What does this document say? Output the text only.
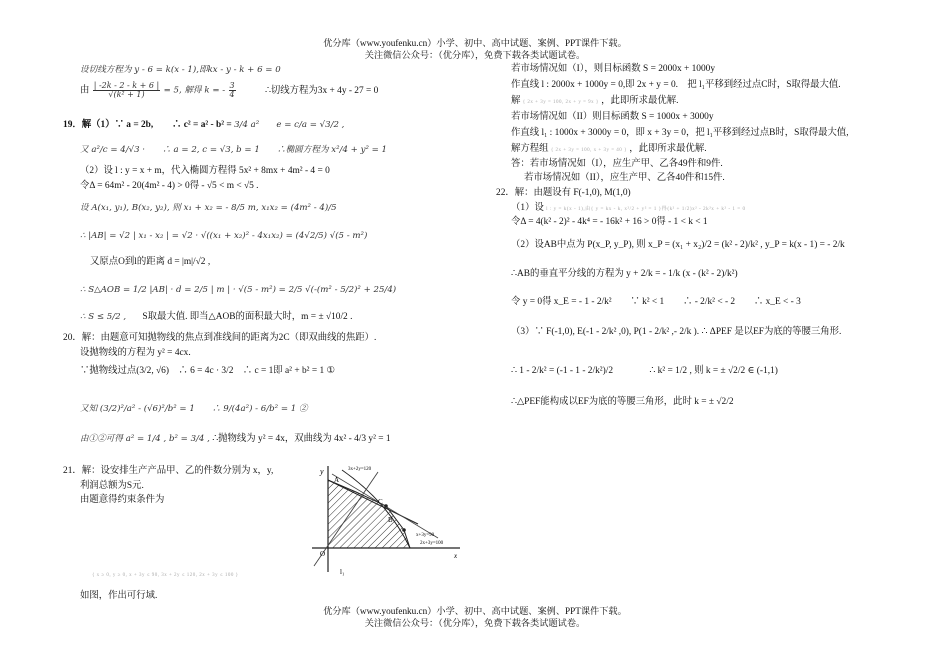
优分库（www.youfenku.cn）小学、初中、高中试题、案例、PPT课件下载。
关注微信公众号：（优分库），免费下载各类试题试卷。
设切线方程为 y - 6 = k(x - 1),即kx - y - k + 6 = 0
由 $\frac{| -2k - 2 - k + 6 |}{\text{√(k² + 1)}} = 5$, 解得 k = - $\frac{3}{4}$	∴切线方程为3x + 4y - 27 = 0
19．解（1）∵ a = 2b,　　∴ c² = a² - b² = 3/4 a²　　e = c/a = √3/2 ,
又 a²/c = 4/√3 ·　　∴ a = 2, c = √3, b = 1　　∴椭圆方程为 x²/4 + y² = 1
（2）设 l : y = x + m，代入椭圆方程得 5x² + 8mx + 4m² - 4 = 0
令Δ = 64m² - 20(4m² - 4) > 0得 - √5 < m < √5 .
设 A(x₁, y₁), B(x₂, y₂), 则 x₁ + x₂ = - 8/5 m, x₁x₂ = (4m² - 4)/5
∴ |AB| = √2 | x₁ - x₂ | = √2 · √((x₁ + x₂)² - 4x₁x₂) = (4√2/5) √(5 - m²)
又原点O到l的距离 d = |m|/√2 ,
∴ S△AOB = 1/2 |AB| · d = 2/5 | m | · √(5 - m²) = 2/5 √(-(m² - 5/2)² + 25/4)
∴ S ≤ 5/2 , S取最大值. 即当△AOB的面积最大时，m = ± √10/2 .
20．解：由题意可知抛物线的焦点到准线间的距离为2C（即双曲线的焦距）.
设抛物线的方程为 y² = 4cx.
∵抛物线过点(3/2, √6)　∴ 6 = 4c · 3/2　∴ c = 1即 a² + b² = 1 ①
又知 (3/2)²/a² - (√6)²/b² = 1　　∴ 9/(4a²) - 6/b² = 1 ②
由①②可得 a² = 1/4 , b² = 3/4 , ∴抛物线为 y² = 4x，双曲线为 4x² - 4/3 y² = 1
21．解：设安排生产产品甲、乙的件数分别为 x，y,
利润总额为S元.
由题意得约束条件为
{ x ≥ 0, y ≥ 0, x + 3y ≤ 90, 3x + 2y ≤ 120, 2x + 3y ≤ 100 }
如图，作出可行域.
y
A
B
C
O	x
l₁
x+3y=90
2x+3y=100
3x+2y=120
若市场情况如（I），则目标函数 S = 2000x + 1000y
作直线 l : 2000x + 1000y = 0,即 2x + y = 0.　把 l₁平移到经过点C时，S取得最大值.
解 { 2x + 3y = 100, 2x + y = 9x } ，此即所求最优解.
若市场情况如（II）则目标函数 S = 1000x + 3000y
作直线 l₁ : 1000x + 3000y = 0，即 x + 3y = 0，把 l₁平移到经过点B时，S取得最大值,
解方程组 { 2x + 3y = 100, x + 3y = 40 } ，此即所求最优解.
答：若市场情况如（I），应生产甲、乙各49件和9件.
若市场情况如（II），应生产甲、乙各40件和15件.
22．解：由题设有 F(-1,0), M(1,0)
（1）设 l : y = k(x - 1),由{ y = kx - k, x²/2 + y² = 1 }得(k² + 1/2)x² - 2k²x + k² - 1 = 0
令Δ = 4(k² - 2)² - 4k⁴ = - 16k² + 16 > 0得 - 1 < k < 1
（2）设AB中点为 P(x_P, y_P), 则 x_P = (x₁ + x₂)/2 = (k² - 2)/k² , y_P = k(x - 1) = - 2/k
∴AB的垂直平分线的方程为 y + 2/k = - 1/k (x - (k² - 2)/k²)
令 y = 0得 x_E = - 1 - 2/k²　　∵ k² < 1　　∴ - 2/k² < - 2　　∴ x_E < - 3
（3）∵ F(-1,0), E(-1 - 2/k² ,0), P(1 - 2/k² ,- 2/k ). ∴ ΔPEF 是以EF为底的等腰三角形.
∴ 1 - 2/k² = (-1 - 1 - 2/k²)/2	∴ k² = 1/2 , 则 k = ± √2/2 ∈ (-1,1)
∴△PEF能构成以EF为底的等腰三角形，此时 k = ± √2/2
优分库（www.youfenku.cn）小学、初中、高中试题、案例、PPT课件下载。
关注微信公众号：（优分库），免费下载各类试题试卷。
